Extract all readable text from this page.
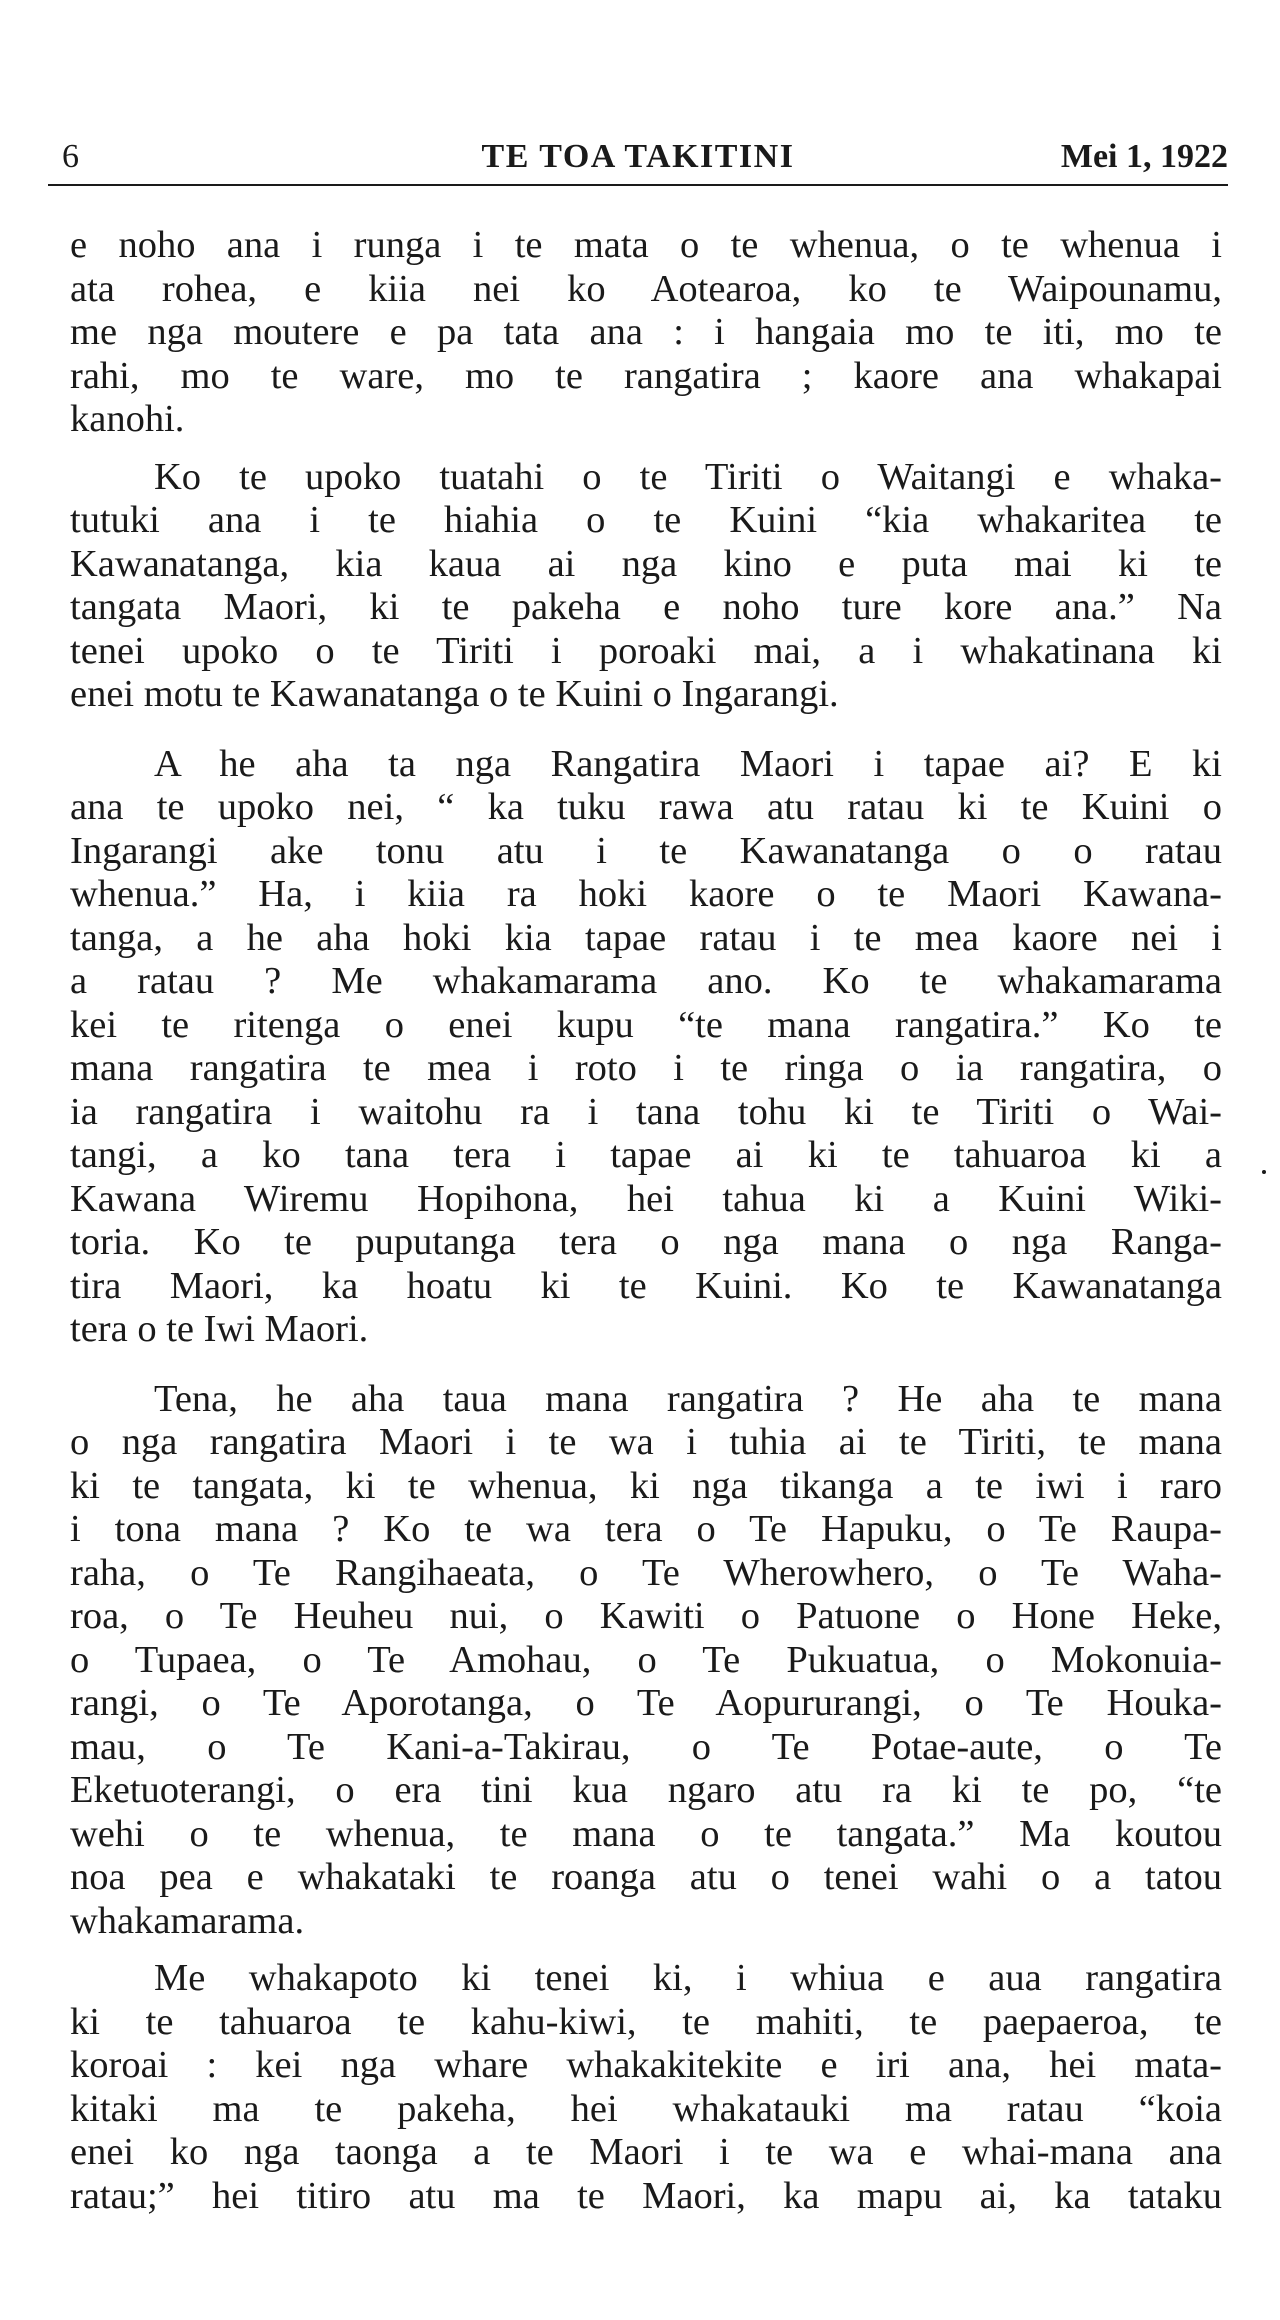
6	TE TOA TAKITINI	Mei 1, 1922
e noho ana i runga i te mata o te whenua, o te whenua i
ata rohea, e kiia nei ko Aotearoa, ko te Waipounamu,
me nga moutere e pa tata ana : i hangaia mo te iti, mo te
rahi, mo te ware, mo te rangatira ; kaore ana whakapai
kanohi.
Ko te upoko tuatahi o te Tiriti o Waitangi e whaka-
tutuki ana i te hiahia o te Kuini “kia whakaritea te
Kawanatanga, kia kaua ai nga kino e puta mai ki te
tangata Maori, ki te pakeha e noho ture kore ana.” Na
tenei upoko o te Tiriti i poroaki mai, a i whakatinana ki
enei motu te Kawanatanga o te Kuini o Ingarangi.
A he aha ta nga Rangatira Maori i tapae ai? E ki
ana te upoko nei, “ ka tuku rawa atu ratau ki te Kuini o
Ingarangi ake tonu atu i te Kawanatanga o o ratau
whenua.” Ha, i kiia ra hoki kaore o te Maori Kawana-
tanga, a he aha hoki kia tapae ratau i te mea kaore nei i
a ratau ? Me whakamarama ano. Ko te whakamarama
kei te ritenga o enei kupu “te mana rangatira.” Ko te
mana rangatira te mea i roto i te ringa o ia rangatira, o
ia rangatira i waitohu ra i tana tohu ki te Tiriti o Wai-
tangi, a ko tana tera i tapae ai ki te tahuaroa ki a
Kawana Wiremu Hopihona, hei tahua ki a Kuini Wiki-
toria. Ko te puputanga tera o nga mana o nga Ranga-
tira Maori, ka hoatu ki te Kuini. Ko te Kawanatanga
tera o te Iwi Maori.
Tena, he aha taua mana rangatira ? He aha te mana
o nga rangatira Maori i te wa i tuhia ai te Tiriti, te mana
ki te tangata, ki te whenua, ki nga tikanga a te iwi i raro
i tona mana ? Ko te wa tera o Te Hapuku, o Te Raupa-
raha, o Te Rangihaeata, o Te Wherowhero, o Te Waha-
roa, o Te Heuheu nui, o Kawiti o Patuone o Hone Heke,
o Tupaea, o Te Amohau, o Te Pukuatua, o Mokonuia-
rangi, o Te Aporotanga, o Te Aopururangi, o Te Houka-
mau, o Te Kani-a-Takirau, o Te Potae-aute, o Te
Eketuoterangi, o era tini kua ngaro atu ra ki te po, “te
wehi o te whenua, te mana o te tangata.” Ma koutou
noa pea e whakataki te roanga atu o tenei wahi o a tatou
whakamarama.
Me whakapoto ki tenei ki, i whiua e aua rangatira
ki te tahuaroa te kahu-kiwi, te mahiti, te paepaeroa, te
koroai : kei nga whare whakakitekite e iri ana, hei mata-
kitaki ma te pakeha, hei whakatauki ma ratau “koia
enei ko nga taonga a te Maori i te wa e whai-mana ana
ratau;” hei titiro atu ma te Maori, ka mapu ai, ka tataku
